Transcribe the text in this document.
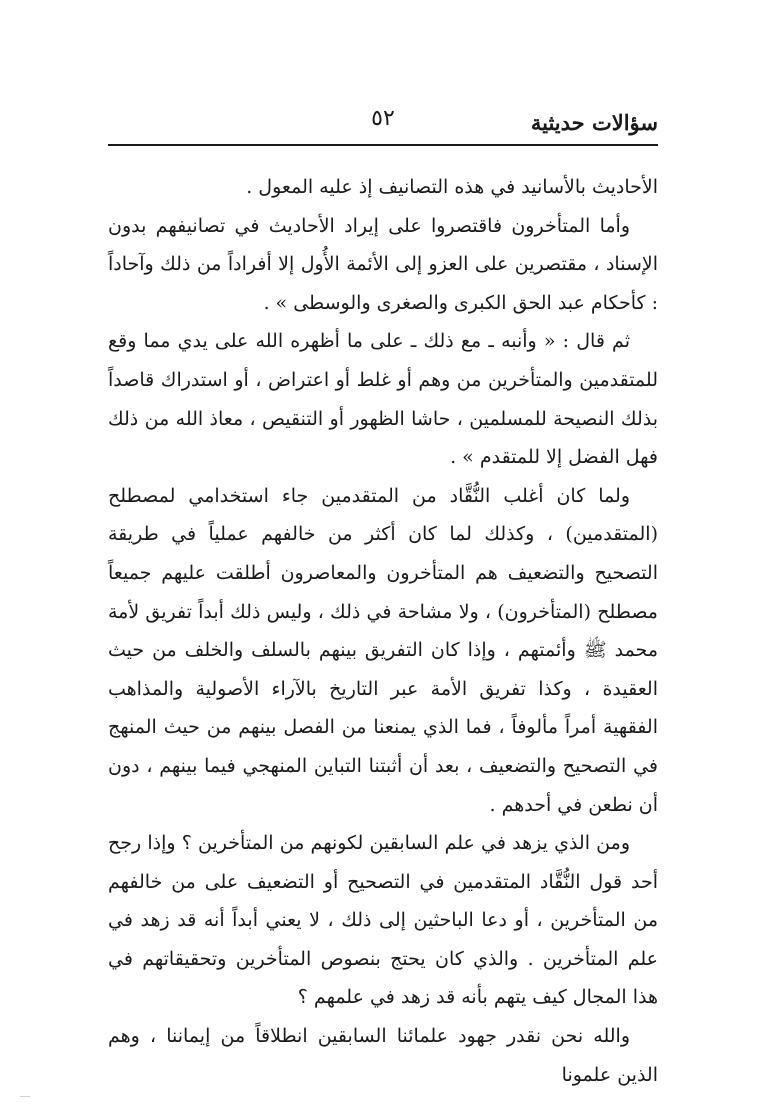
٥٢	سؤالات حديثية

الأحاديث بالأسانيد في هذه التصانيف إذ عليه المعول .

وأما المتأخرون فاقتصروا على إيراد الأحاديث في تصانيفهم بدون الإسناد ، مقتصرين على العزو إلى الأئمة الأُول إلا أفراداً من ذلك وآحاداً : كأحكام عبد الحق الكبرى والصغرى والوسطى » .

ثم قال : « وأنبه ـ مع ذلك ـ على ما أظهره الله على يدي مما وقع للمتقدمين والمتأخرين من وهم أو غلط أو اعتراض ، أو استدراك قاصداً بذلك النصيحة للمسلمين ، حاشا الظهور أو التنقيص ، معاذ الله من ذلك فهل الفضل إلا للمتقدم » .

ولما كان أغلب النُّقَّاد من المتقدمين جاء استخدامي لمصطلح (المتقدمين) ، وكذلك لما كان أكثر من خالفهم عملياً في طريقة التصحيح والتضعيف هم المتأخرون والمعاصرون أطلقت عليهم جميعاً مصطلح (المتأخرون) ، ولا مشاحة في ذلك ، وليس ذلك أبداً تفريق لأمة محمد ﷺ وأئمتهم ، وإذا كان التفريق بينهم بالسلف والخلف من حيث العقيدة ، وكذا تفريق الأمة عبر التاريخ بالآراء الأصولية والمذاهب الفقهية أمراً مألوفاً ، فما الذي يمنعنا من الفصل بينهم من حيث المنهج في التصحيح والتضعيف ، بعد أن أثبتنا التباين المنهجي فيما بينهم ، دون أن نطعن في أحدهم .

ومن الذي يزهد في علم السابقين لكونهم من المتأخرين ؟ وإذا رجح أحد قول النُّقَّاد المتقدمين في التصحيح أو التضعيف على من خالفهم من المتأخرين ، أو دعا الباحثين إلى ذلك ، لا يعني أبداً أنه قد زهد في علم المتأخرين . والذي كان يحتج بنصوص المتأخرين وتحقيقاتهم في هذا المجال كيف يتهم بأنه قد زهد في علمهم ؟

والله نحن نقدر جهود علمائنا السابقين انطلاقاً من إيماننا ، وهم الذين علمونا
